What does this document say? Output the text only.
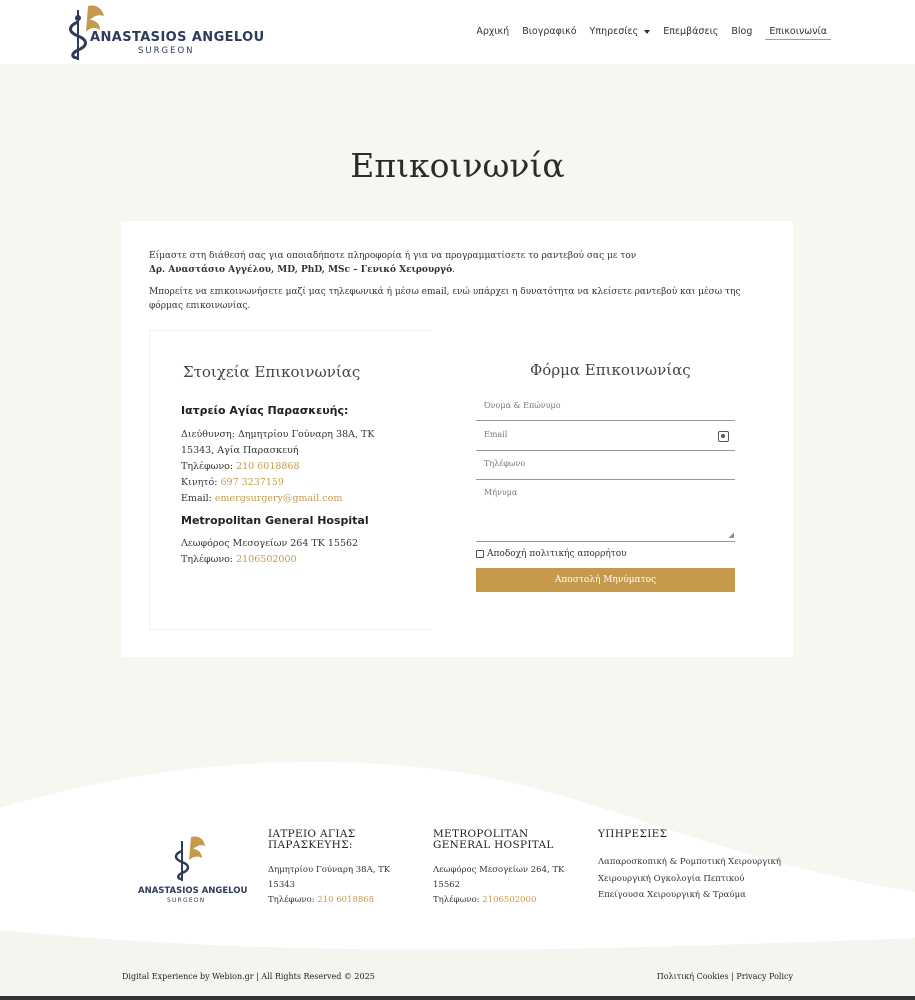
ANASTASIOS ANGELOU
SURGEON
Αρχική Βιογραφικό Υπηρεσίες	Επεμβάσεις Blog	Επικοινωνία
Επικοινωνία

Είμαστε στη διάθεσή σας για οποιαδήποτε πληροφορία ή για να προγραμματίσετε το ραντεβού σας με τον
Δρ. Αναστάσιο Αγγέλου, MD, PhD, MSc – Γενικό Χειρουργό.

Μπορείτε να επικοινωνήσετε μαζί μας τηλεφωνικά ή μέσω email, ενώ υπάρχει η δυνατότητα να κλείσετε ραντεβού και μέσω της φόρμας επικοινωνίας.

Στοιχεία Επικοινωνίας
Ιατρείο Αγίας Παρασκευής:
Διεύθυνση: Δημητρίου Γούναρη 38Α, ΤΚ
15343, Αγία Παρασκευή
Τηλέφωνο: 210 6018868
Κινητό: 697 3237159
Email: emergsurgery@gmail.com
Metropolitan General Hospital
Λεωφόρος Μεσογείων 264 ΤΚ 15562
Τηλέφωνο: 2106502000
Φόρμα Επικοινωνίας
Όνομα & Επώνυμο
Email
Τηλέφωνο
Μήνυμα
◢
Αποδοχή πολιτικής απορρήτου
Αποστολή Μηνύματος
ANASTASIOS ANGELOU
SURGEON
ΙΑΤΡΕΙΟ ΑΓΙΑΣ
ΠΑΡΑΣΚΕΥΗΣ:
Δημητρίου Γούναρη 38Α, ΤΚ
15343
Τηλέφωνο: 210 6018868
METROPOLITAN
GENERAL HOSPITAL
Λεωφόρος Μεσογείων 264, ΤΚ
15562
Τηλέφωνο: 2106502000
ΥΠΗΡΕΣΙΕΣ
Λαπαροσκοπική & Ρομποτική Χειρουργική
Χειρουργική Ογκολογία Πεπτικού
Επείγουσα Χειρουργική & Τραύμα
Digital Experience by Webion.gr | All Rights Reserved © 2025	Πολιτική Cookies | Privacy Policy
